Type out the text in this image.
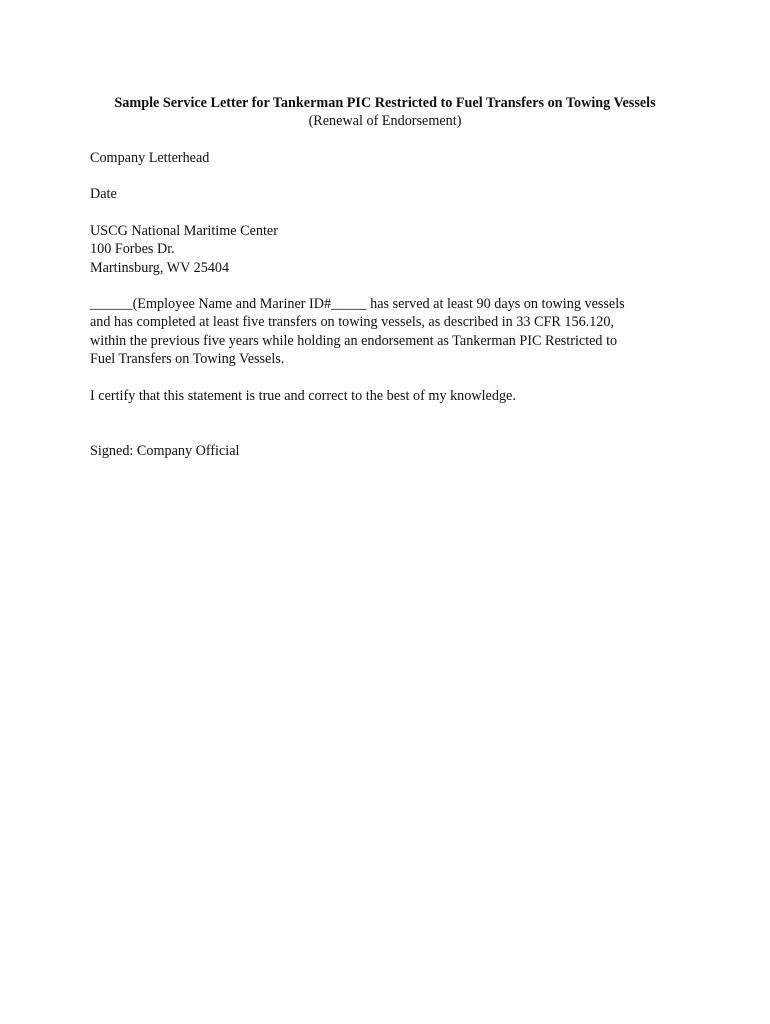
Sample Service Letter for Tankerman PIC Restricted to Fuel Transfers on Towing Vessels
(Renewal of Endorsement)
Company Letterhead
Date
USCG National Maritime Center
100 Forbes Dr.
Martinsburg, WV 25404
______(Employee Name and Mariner ID#_____ has served at least 90 days on towing vessels
and has completed at least five transfers on towing vessels, as described in 33 CFR 156.120,
within the previous five years while holding an endorsement as Tankerman PIC Restricted to
Fuel Transfers on Towing Vessels.
I certify that this statement is true and correct to the best of my knowledge.
Signed: Company Official
